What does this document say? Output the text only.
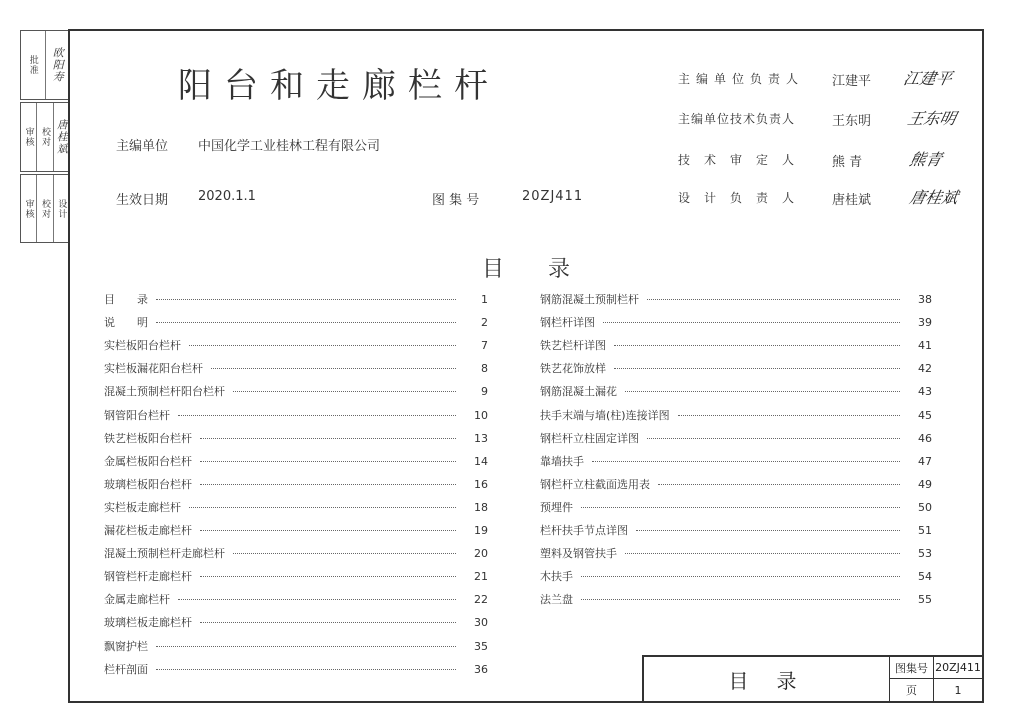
批准 欧阳寿
审核 校对 唐桂斌
审核 校对 设计
阳台和走廊栏杆
主编单位 中国化学工业桂林工程有限公司
生效日期 2020.1.1	图 集 号	20ZJ411
主编单位负责人 江建平 江建平
主编单位技术负责人	王东明 王东明
技术审定人 熊 青	熊青
设计负责人 唐桂斌 唐桂斌
目录
目　　录	1
说　　明	2
实栏板阳台栏杆	7
实栏板漏花阳台栏杆	8
混凝土预制栏杆阳台栏杆	9
钢管阳台栏杆	10
铁艺栏板阳台栏杆	13
金属栏板阳台栏杆	14
玻璃栏板阳台栏杆	16
实栏板走廊栏杆	18
漏花栏板走廊栏杆	19
混凝土预制栏杆走廊栏杆	20
钢管栏杆走廊栏杆	21
金属走廊栏杆	22
玻璃栏板走廊栏杆	30
飘窗护栏	35
栏杆剖面	36
钢筋混凝土预制栏杆	38
钢栏杆详图	39
铁艺栏杆详图	41
铁艺花饰放样	42
钢筋混凝土漏花	43
扶手末端与墙(柱)连接详图	45
钢栏杆立柱固定详图	46
靠墙扶手	47
钢栏杆立柱截面选用表	49
预埋件	50
栏杆扶手节点详图	51
塑料及钢管扶手	53
木扶手	54
法兰盘	55
目录
图集号 20ZJ411
页	1
